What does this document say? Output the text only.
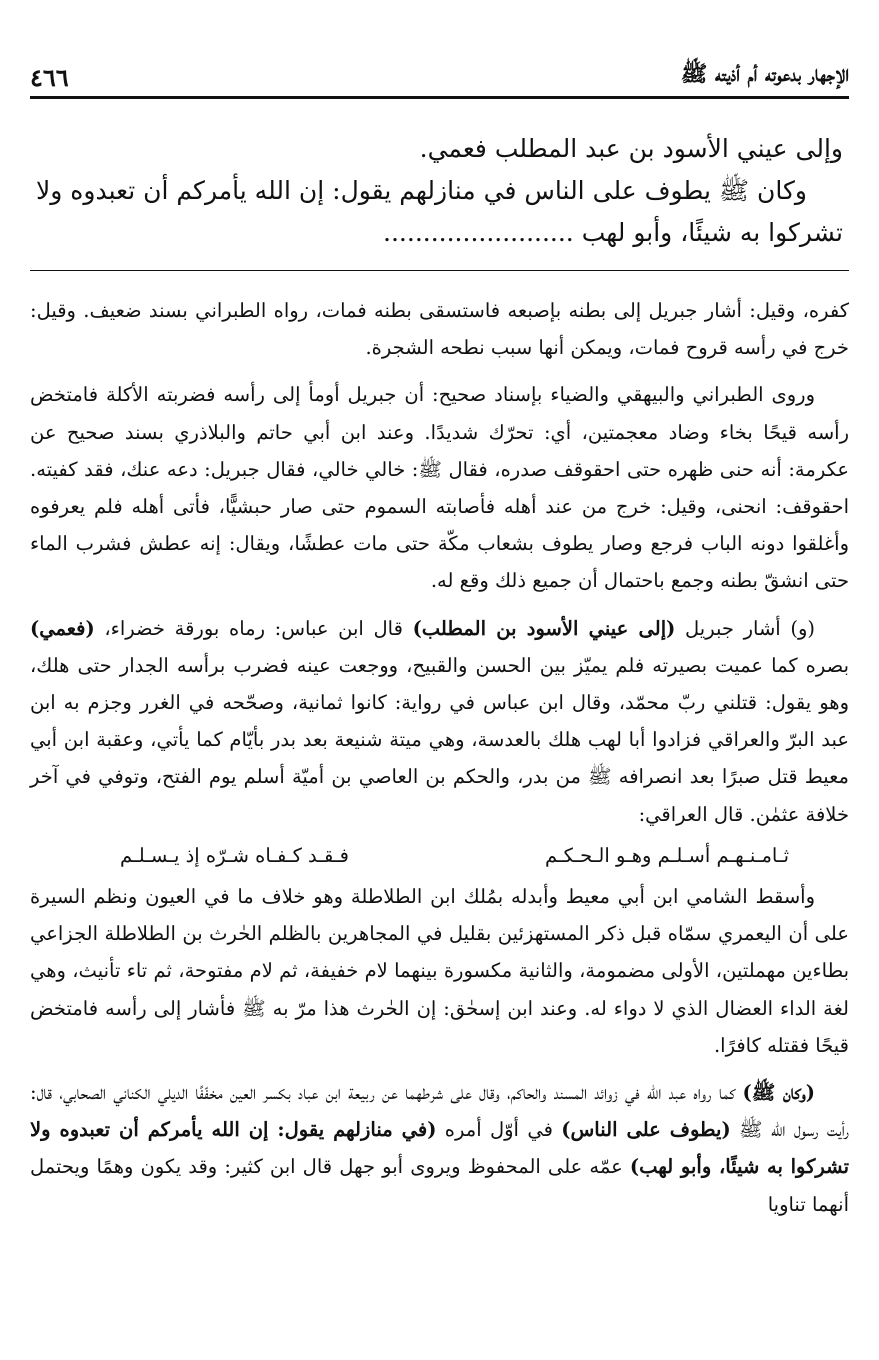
الإجهار بدعوته أم أذيته ﷺ
٤٦٦

وإلى عيني الأسود بن عبد المطلب فعمي.

وكان ﷺ يطوف على الناس في منازلهم يقول: إن الله يأمركم أن تعبدوه ولا تشركوا به شيئًا، وأبو لهب ........................

كفره، وقيل: أشار جبريل إلى بطنه بإصبعه فاستسقى بطنه فمات، رواه الطبراني بسند ضعيف. وقيل: خرج في رأسه قروح فمات، ويمكن أنها سبب نطحه الشجرة.

وروى الطبراني والبيهقي والضياء بإسناد صحيح: أن جبريل أومأ إلى رأسه فضربته الأكلة فامتخض رأسه قيحًا بخاء وضاد معجمتين، أي: تحرّك شديدًا. وعند ابن أبي حاتم والبلاذري بسند صحيح عن عكرمة: أنه حنى ظهره حتى احقوقف صدره، فقال ﷺ: خالي خالي، فقال جبريل: دعه عنك، فقد كفيته. احقوقف: انحنى، وقيل: خرج من عند أهله فأصابته السموم حتى صار حبشيًّا، فأتى أهله فلم يعرفوه وأغلقوا دونه الباب فرجع وصار يطوف بشعاب مكّة حتى مات عطشًا، ويقال: إنه عطش فشرب الماء حتى انشقّ بطنه وجمع باحتمال أن جميع ذلك وقع له.

(و) أشار جبريل (إلى عيني الأسود بن المطلب) قال ابن عباس: رماه بورقة خضراء، (فعمي) بصره كما عميت بصيرته فلم يميّز بين الحسن والقبيح، ووجعت عينه فضرب برأسه الجدار حتى هلك، وهو يقول: قتلني ربّ محمّد، وقال ابن عباس في رواية: كانوا ثمانية، وصحّحه في الغرر وجزم به ابن عبد البرّ والعراقي فزادوا أبا لهب هلك بالعدسة، وهي ميتة شنيعة بعد بدر بأيّام كما يأتي، وعقبة ابن أبي معيط قتل صبرًا بعد انصرافه ﷺ من بدر، والحكم بن العاصي بن أميّة أسلم يوم الفتح، وتوفي في آخر خلافة عثمٰن. قال العراقي:

ثـامـنـهـم أسـلـم وهـو الـحـكـم
فـقـد كـفـاه شـرّه إذ يـسـلـم

وأسقط الشامي ابن أبي معيط وأبدله بمُلك ابن الطلاطلة وهو خلاف ما في العيون ونظم السيرة على أن اليعمري سمّاه قبل ذكر المستهزئين بقليل في المجاهرين بالظلم الحٰرث بن الطلاطلة الجزاعي بطاءين مهملتين، الأولى مضمومة، والثانية مكسورة بينهما لام خفيفة، ثم لام مفتوحة، ثم تاء تأنيث، وهي لغة الداء العضال الذي لا دواء له. وعند ابن إسحٰق: إن الحٰرث هذا مرّ به ﷺ فأشار إلى رأسه فامتخض قيحًا فقتله كافرًا.

(وكان ﷺ) كما رواه عبد الله في زوائد المسند والحاكم، وقال على شرطهما عن ربيعة ابن عباد بكسر العين مخفّفًا الديلي الكناني الصحابي، قال: رأيت رسول الله ﷺ (يطوف على الناس) في أوّل أمره (في منازلهم يقول: إن الله يأمركم أن تعبدوه ولا تشركوا به شيئًا، وأبو لهب) عمّه على المحفوظ ويروى أبو جهل قال ابن كثير: وقد يكون وهمًا ويحتمل أنهما تناويا
